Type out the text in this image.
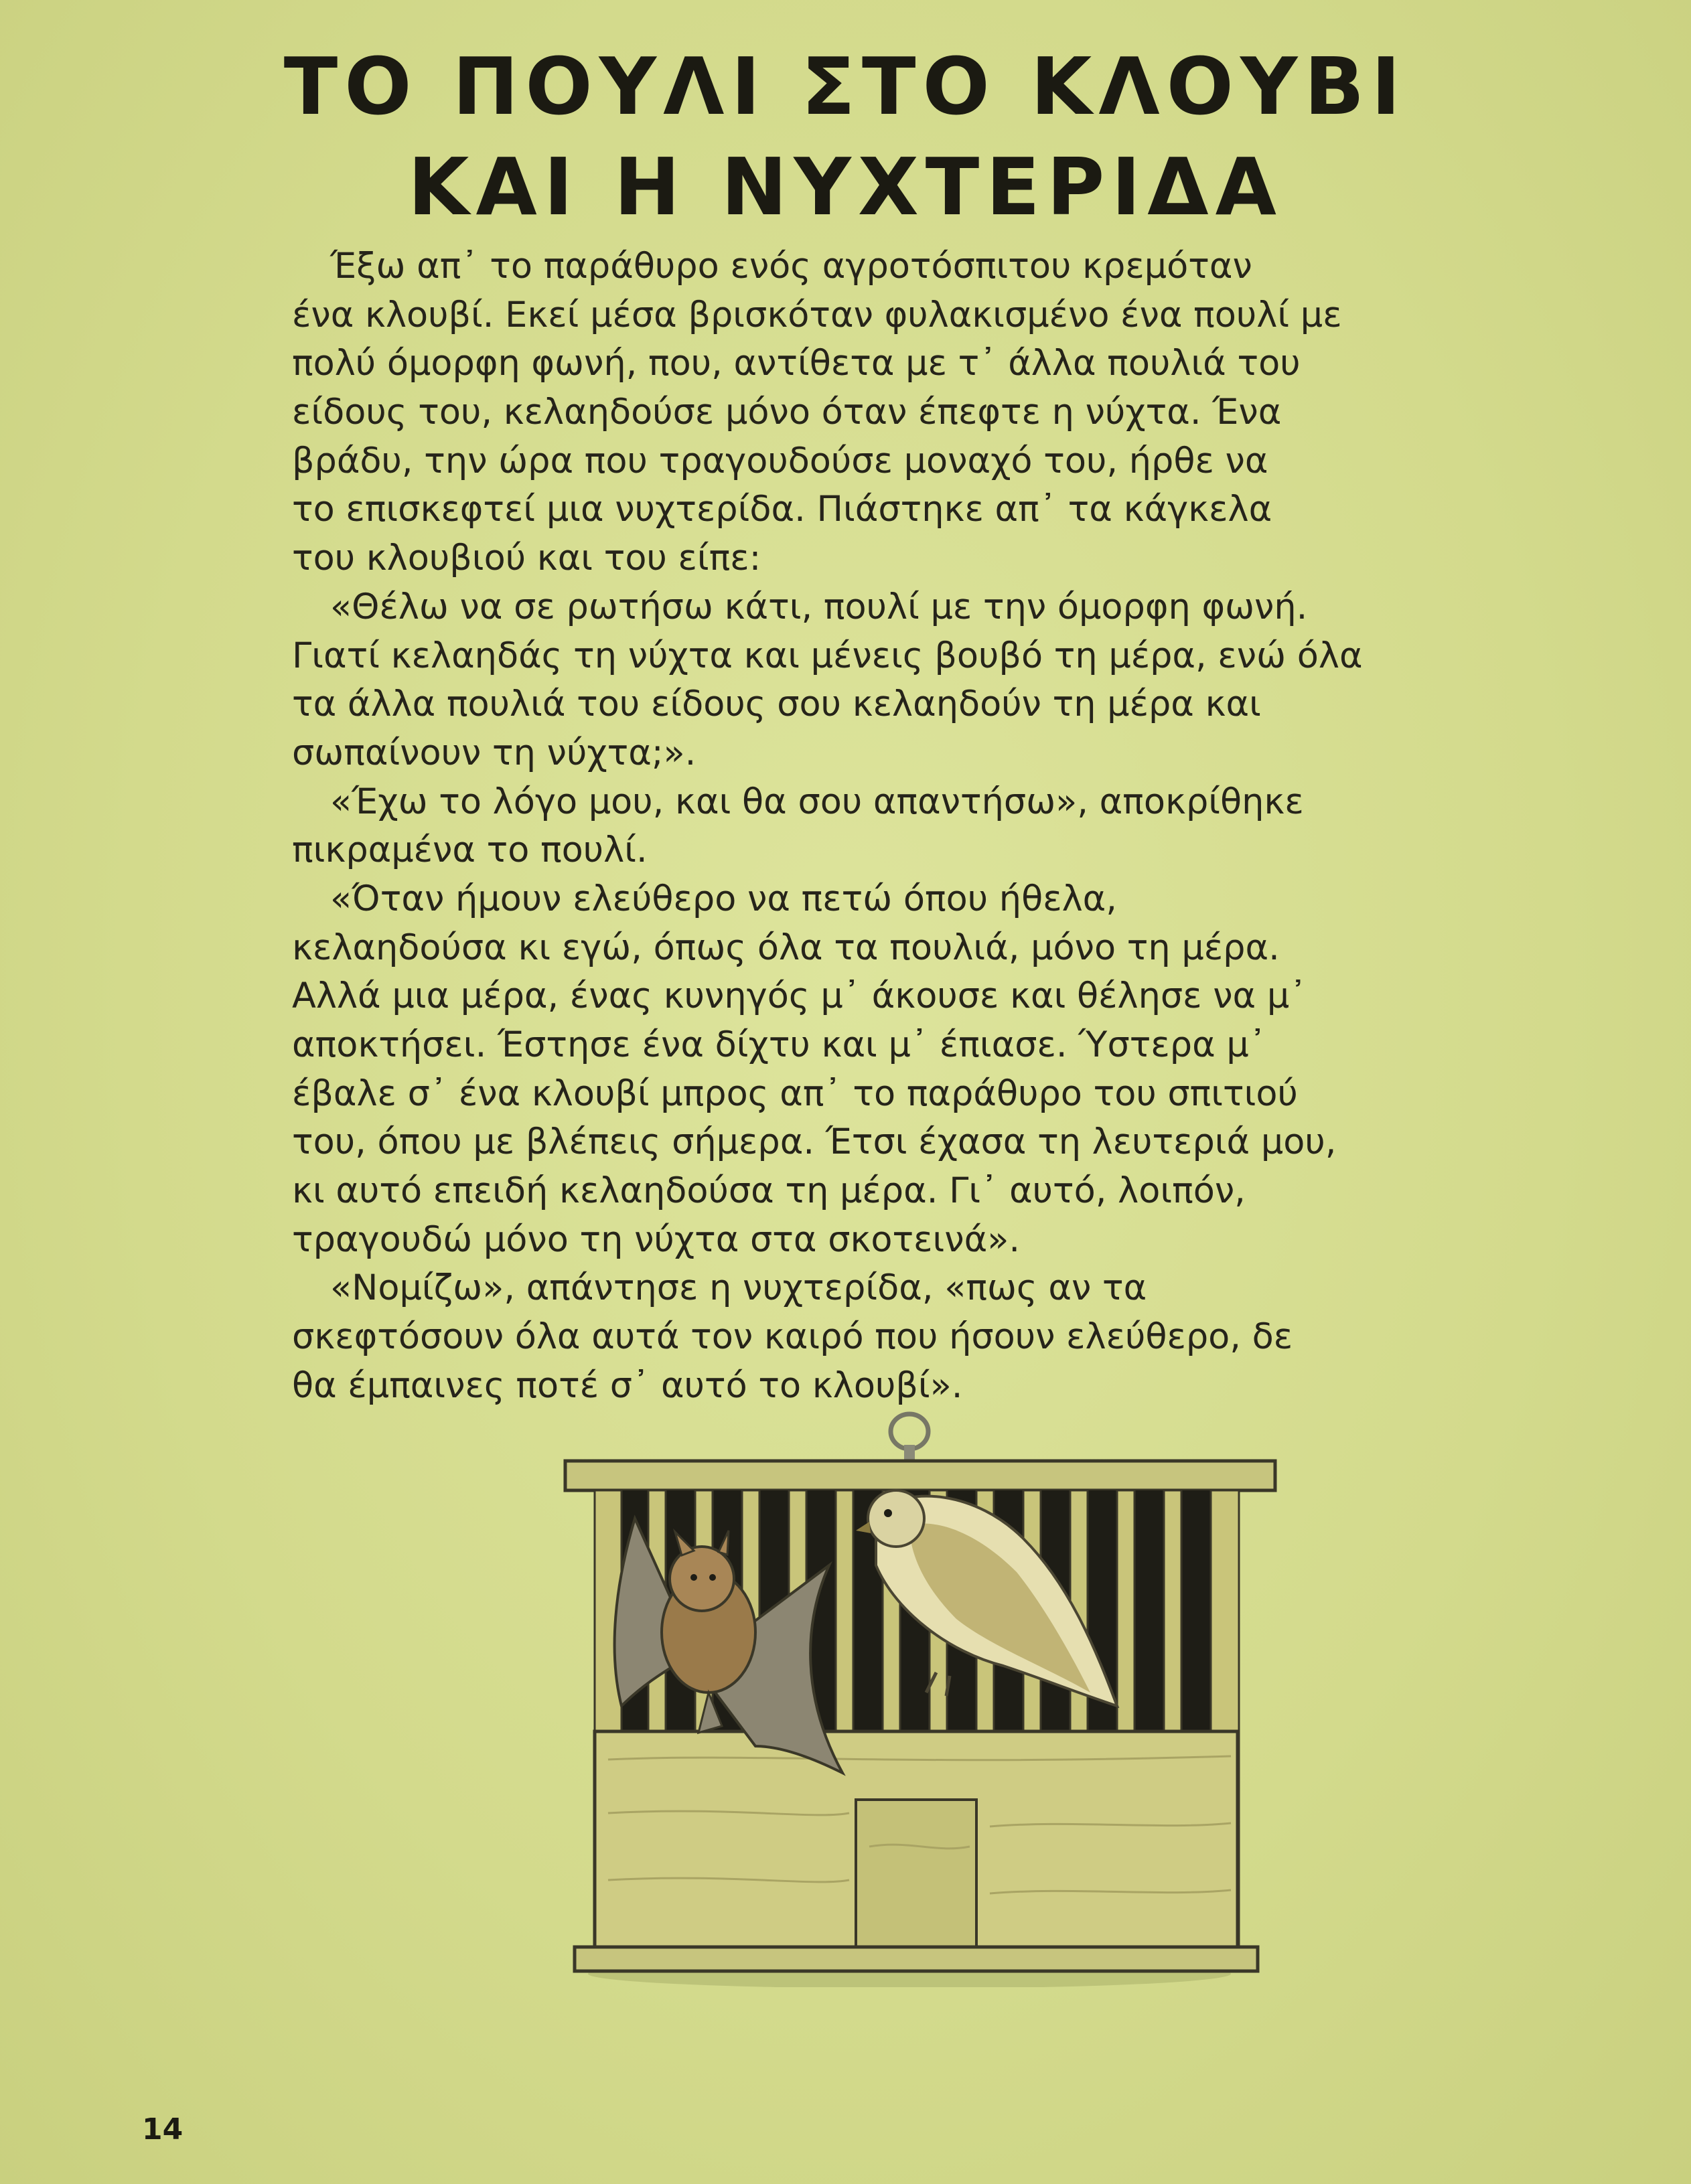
ΤΟ ΠΟΥΛΙ ΣΤΟ ΚΛΟΥΒΙ
ΚΑΙ Η ΝΥΧΤΕΡΙΔΑ
Έξω απ᾽ το παράθυρο ενός αγροτόσπιτου κρεμόταν
ένα κλουβί. Εκεί μέσα βρισκόταν φυλακισμένο ένα πουλί με
πολύ όμορφη φωνή, που, αντίθετα με τ᾽ άλλα πουλιά του
είδους του, κελαηδούσε μόνο όταν έπεφτε η νύχτα. Ένα
βράδυ, την ώρα που τραγουδούσε μοναχό του, ήρθε να
το επισκεφτεί μια νυχτερίδα. Πιάστηκε απ᾽ τα κάγκελα
του κλουβιού και του είπε:
«Θέλω να σε ρωτήσω κάτι, πουλί με την όμορφη φωνή.
Γιατί κελαηδάς τη νύχτα και μένεις βουβό τη μέρα, ενώ όλα
τα άλλα πουλιά του είδους σου κελαηδούν τη μέρα και
σωπαίνουν τη νύχτα;».
«Έχω το λόγο μου, και θα σου απαντήσω», αποκρίθηκε
πικραμένα το πουλί.
«Όταν ήμουν ελεύθερο να πετώ όπου ήθελα,
κελαηδούσα κι εγώ, όπως όλα τα πουλιά, μόνο τη μέρα.
Αλλά μια μέρα, ένας κυνηγός μ᾽ άκουσε και θέλησε να μ᾽
αποκτήσει. Έστησε ένα δίχτυ και μ᾽ έπιασε. Ύστερα μ᾽
έβαλε σ᾽ ένα κλουβί μπρος απ᾽ το παράθυρο του σπιτιού
του, όπου με βλέπεις σήμερα. Έτσι έχασα τη λευτεριά μου,
κι αυτό επειδή κελαηδούσα τη μέρα. Γι᾽ αυτό, λοιπόν,
τραγουδώ μόνο τη νύχτα στα σκοτεινά».
«Νομίζω», απάντησε η νυχτερίδα, «πως αν τα
σκεφτόσουν όλα αυτά τον καιρό που ήσουν ελεύθερο, δε
θα έμπαινες ποτέ σ᾽ αυτό το κλουβί».
14
